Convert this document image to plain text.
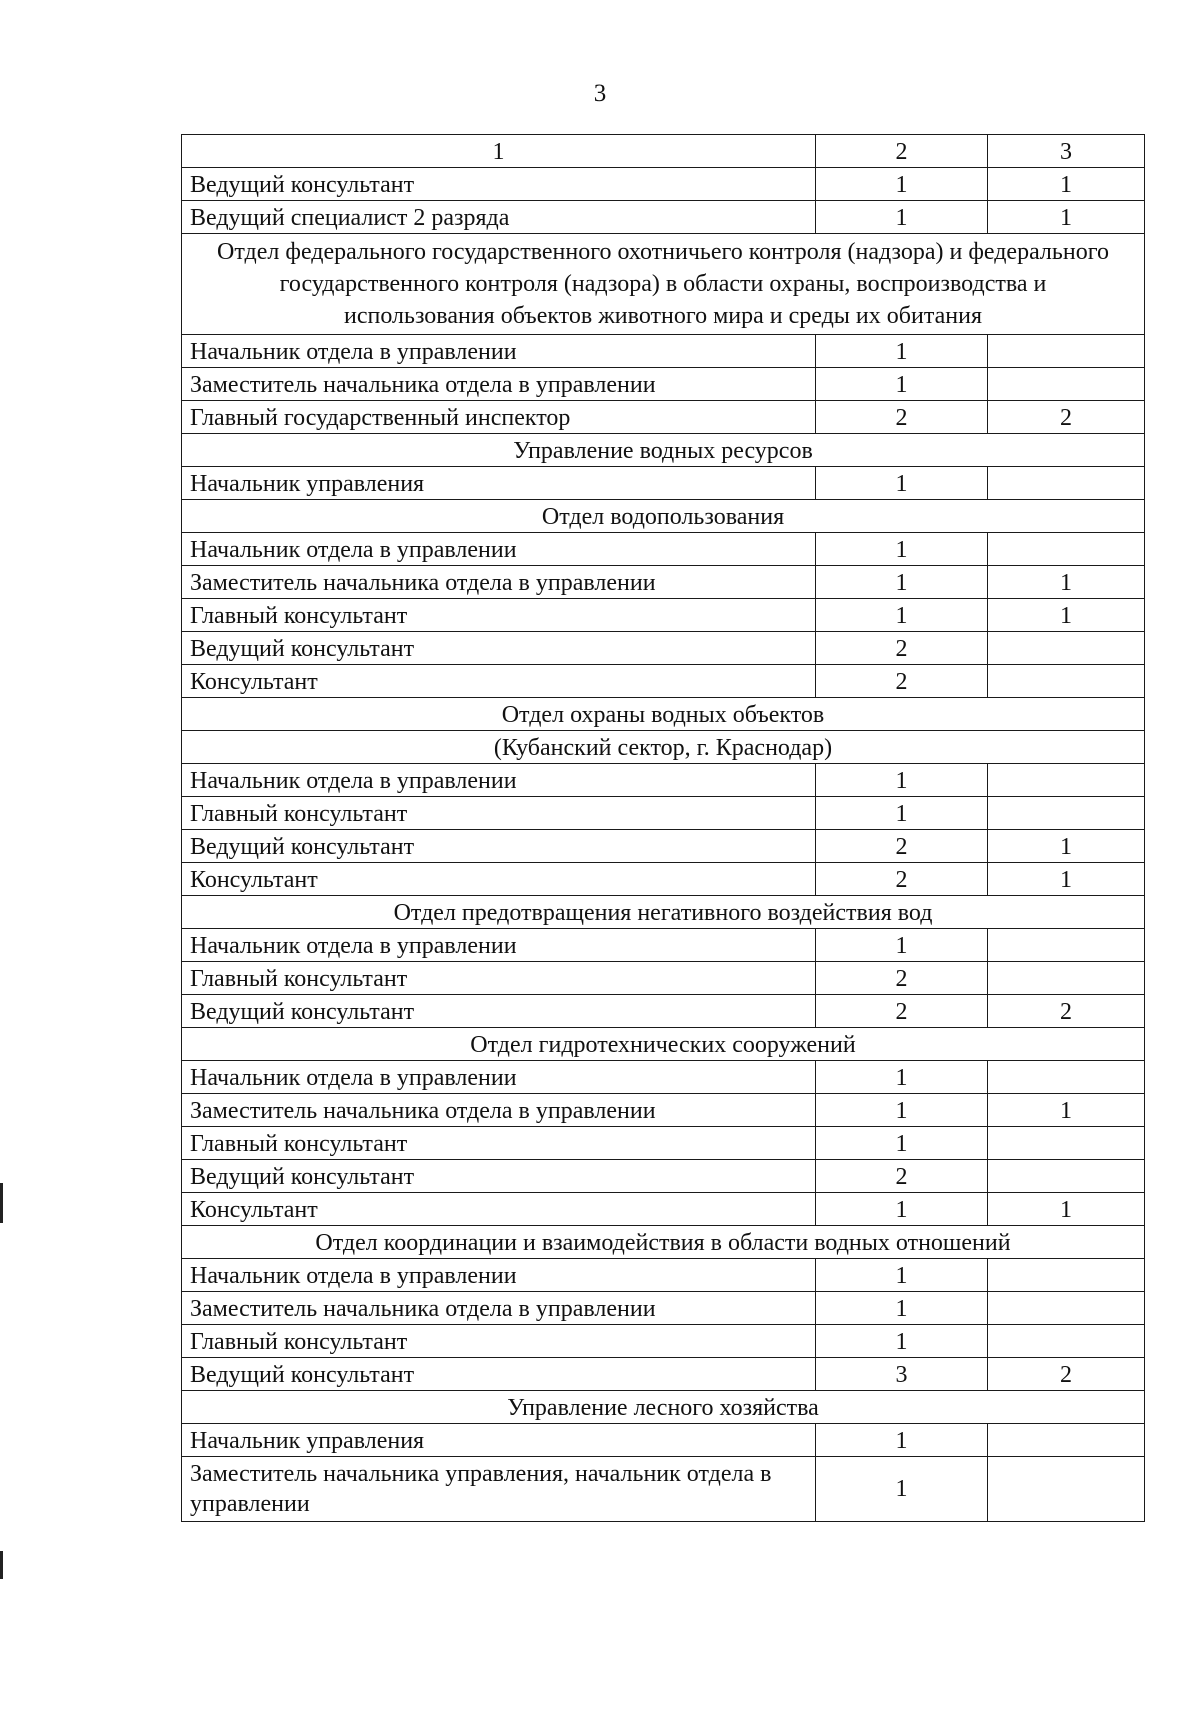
3
1	2	3
Ведущий консультант	1	1
Ведущий специалист 2 разряда	1	1
Отдел федерального государственного охотничьего контроля (надзора) и федерального государственного контроля (надзора) в области охраны, воспроизводства и использования объектов животного мира и среды их обитания		
Начальник отдела в управлении	1	
Заместитель начальника отдела в управлении	1	
Главный государственный инспектор	2	2
Управление водных ресурсов		
Начальник управления	1	
Отдел водопользования		
Начальник отдела в управлении	1	
Заместитель начальника отдела в управлении	1	1
Главный консультант	1	1
Ведущий консультант	2	
Консультант	2	
Отдел охраны водных объектов		
(Кубанский сектор, г. Краснодар)		
Начальник отдела в управлении	1	
Главный консультант	1	
Ведущий консультант	2	1
Консультант	2	1
Отдел предотвращения негативного воздействия вод		
Начальник отдела в управлении	1	
Главный консультант	2	
Ведущий консультант	2	2
Отдел гидротехнических сооружений		
Начальник отдела в управлении	1	
Заместитель начальника отдела в управлении	1	1
Главный консультант	1	
Ведущий консультант	2	
Консультант	1	1
Отдел координации и взаимодействия в области водных отношений		
Начальник отдела в управлении	1	
Заместитель начальника отдела в управлении	1	
Главный консультант	1	
Ведущий консультант	3	2
Управление лесного хозяйства		
Начальник управления	1	
Заместитель начальника управления, начальник отдела в управлении	1	
